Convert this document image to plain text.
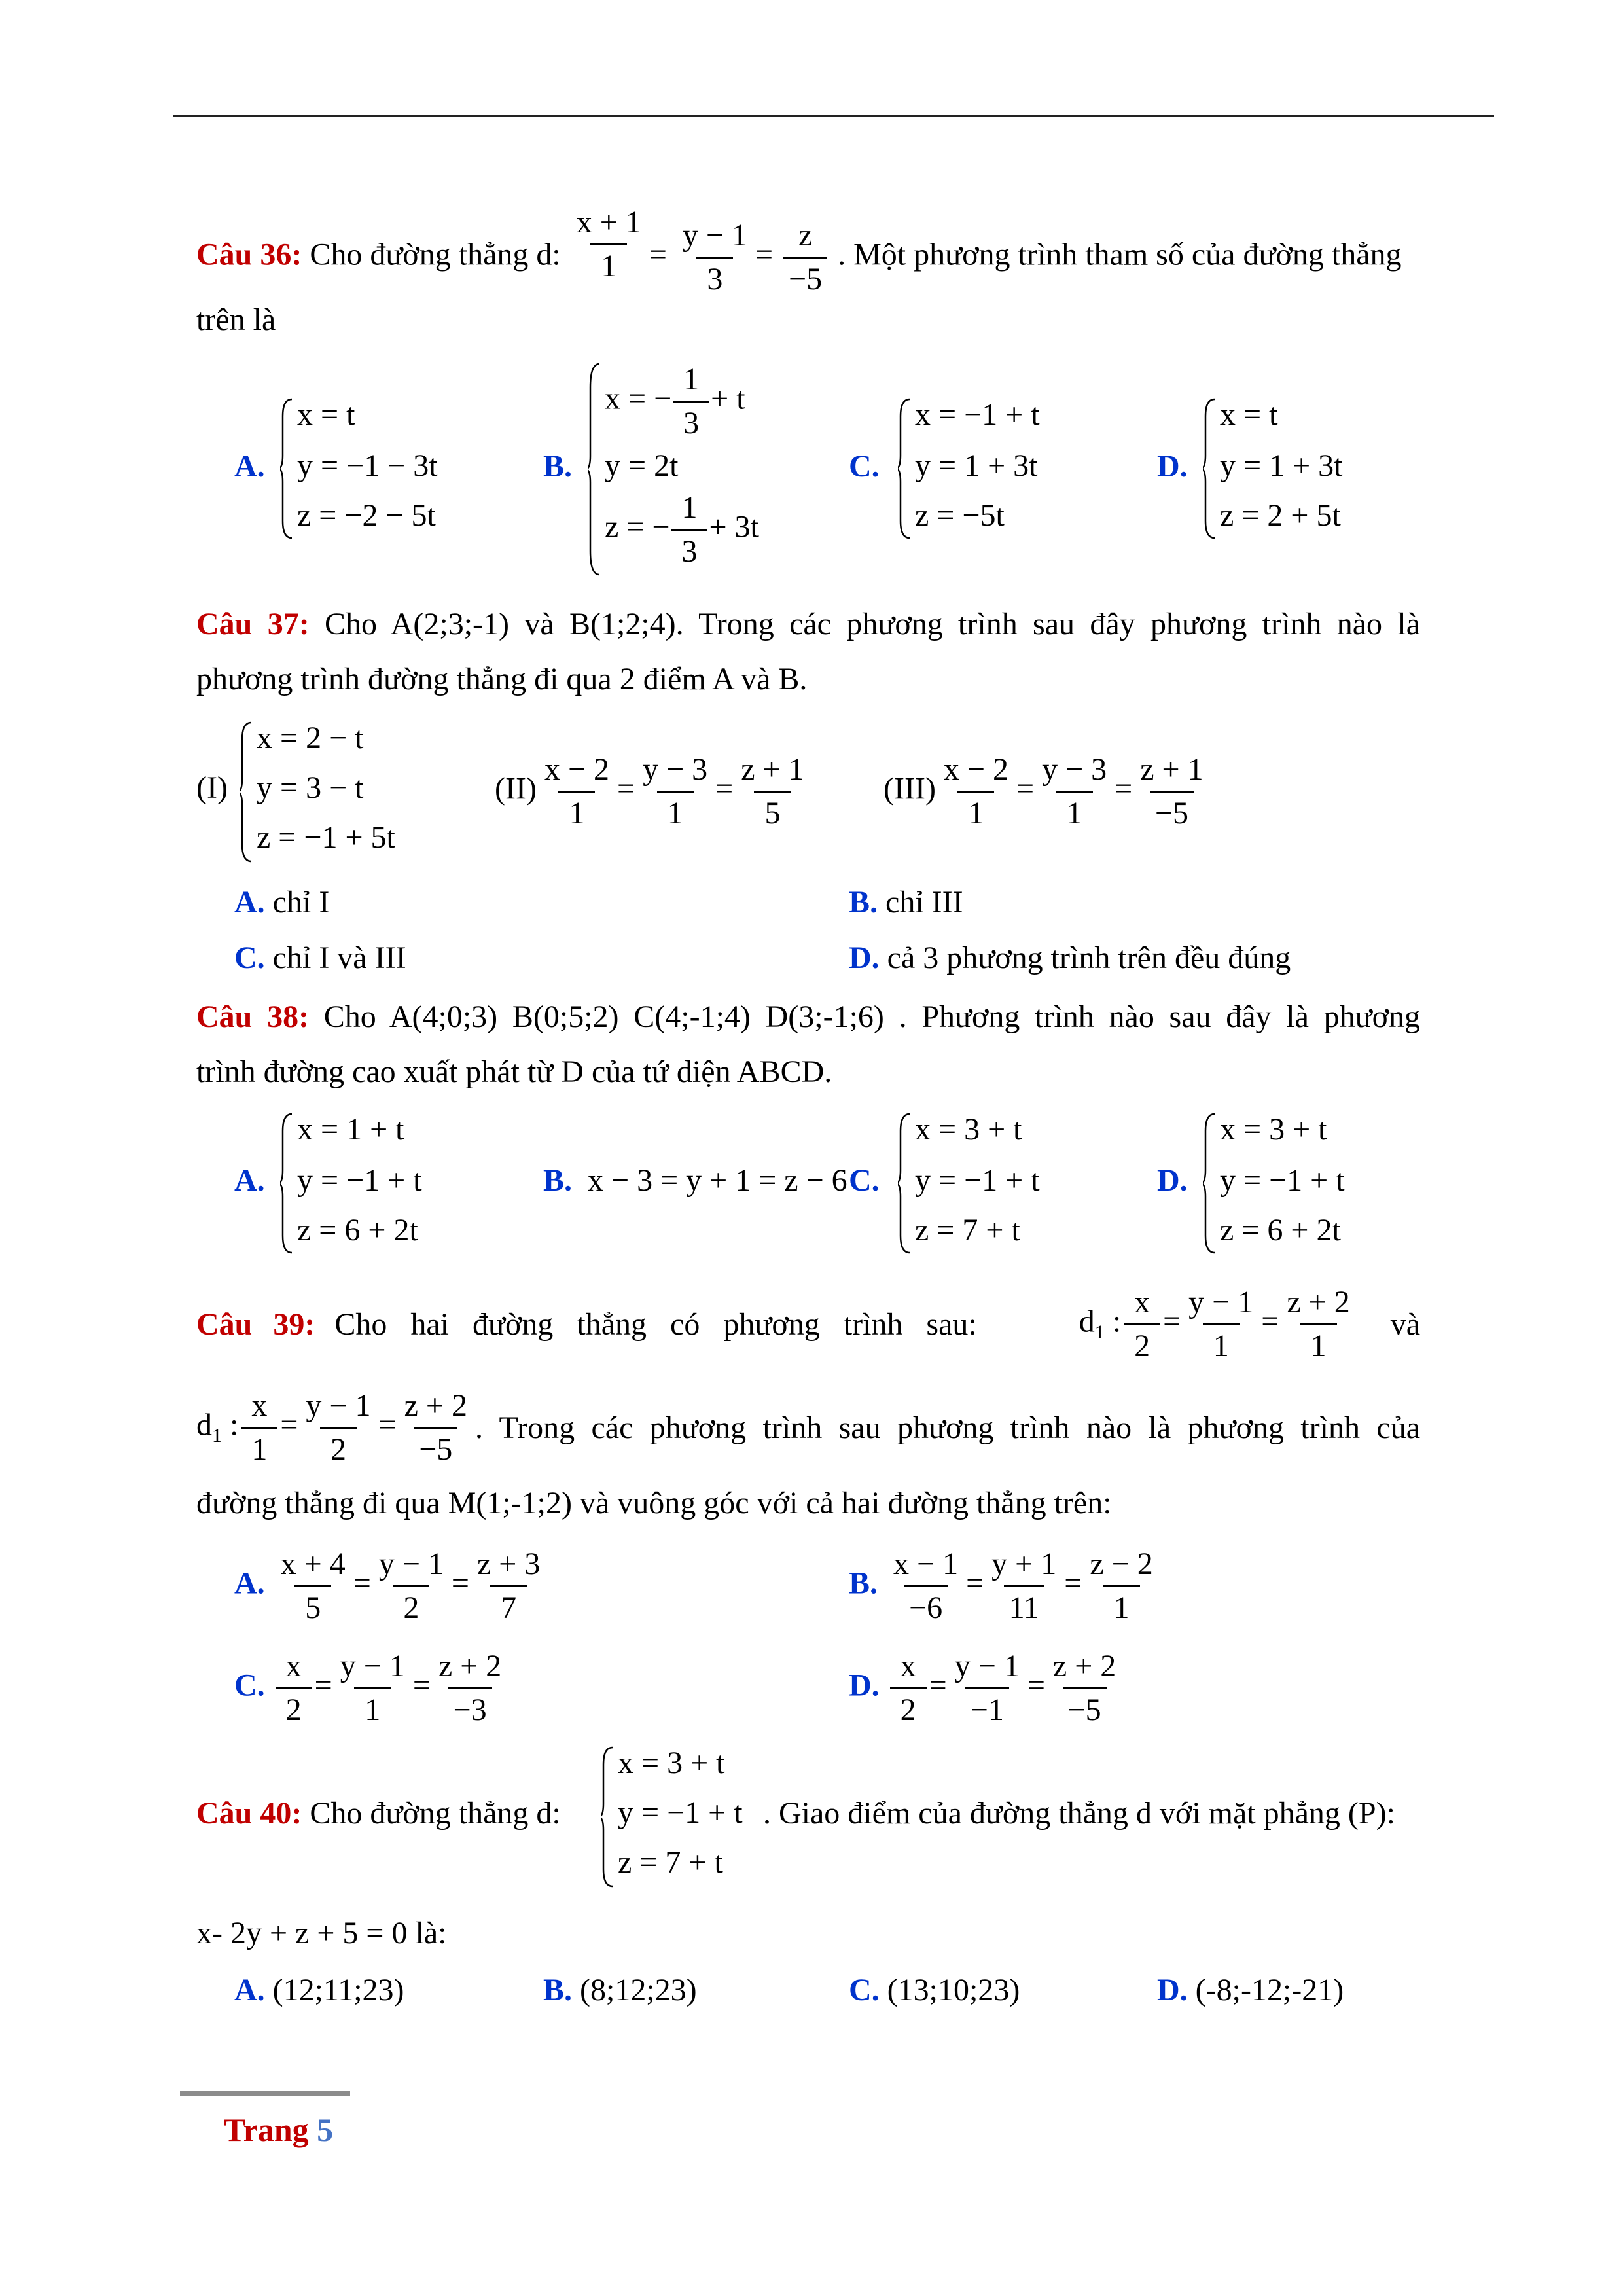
Câu 36: Cho đường thẳng d: $\frac{x + 1}{1} = \frac{y - 1}{3} = \frac{z}{-5}$ . Một phương trình tham số của đường thẳng
trên là
A.
x = t
y = −1 − 3t
z = −2 − 5t
B.
x = − $\frac{1}{3} + t$
y = 2t
z = − $\frac{1}{3} + 3t$
C.
x = −1 + t
y = 1 + 3t
z = −5t
D.
x = t
y = 1 + 3t
z = 2 + 5t
Câu 37: Cho A(2;3;-1) và B(1;2;4). Trong các phương trình sau đây phương trình nào là
phương trình đường thẳng đi qua 2 điểm A và B.
(I)
x = 2 − t
y = 3 − t
z = −1 + 5t
$(II) \frac{x - 2}{1} = \frac{y - 3}{1} = \frac{z + 1}{5} (III) \frac{x - 2}{1} = \frac{y - 3}{1} = \frac{z + 1}{-5}$
A. chỉ I	B. chỉ III
C. chỉ I và III	D. cả 3 phương trình trên đều đúng
Câu 38: Cho A(4;0;3) B(0;5;2) C(4;-1;4) D(3;-1;6) . Phương trình nào sau đây là phương
trình đường cao xuất phát từ D của tứ diện ABCD.
A.
x = 1 + t
y = −1 + t
z = 6 + 2t
B. x − 3 = y + 1 = z − 6 C.
x = 3 + t
y = −1 + t
z = 7 + t
D.
x = 3 + t
y = −1 + t
z = 6 + 2t
Câu 39: Cho hai đường thẳng có phương trình sau:	$d_1$ : $\frac{x}{2} = \frac{y - 1}{1} = \frac{z + 2}{1}$ và
$d_1$ : $\frac{x}{1} = \frac{y - 1}{2} = \frac{z + 2}{-5}$ . Trong các phương trình sau phương trình nào là phương trình của
đường thẳng đi qua M(1;-1;2) và vuông góc với cả hai đường thẳng trên:
A. $\frac{x + 4}{5} = \frac{y - 1}{2} = \frac{z + 3}{7}$	B. $\frac{x - 1}{-6} = \frac{y + 1}{11} = \frac{z - 2}{1}$
C. $\frac{x}{2} = \frac{y - 1}{1} = \frac{z + 2}{-3}$	D. $\frac{x}{2} = \frac{y - 1}{-1} = \frac{z + 2}{-5}$
Câu 40: Cho đường thẳng d:
x = 3 + t
y = −1 + t
z = 7 + t
. Giao điểm của đường thẳng d với mặt phẳng (P):
x- 2y + z + 5 = 0 là:
A. (12;11;23)	B. (8;12;23)	C. (13;10;23)	D. (-8;-12;-21)
Trang 5
